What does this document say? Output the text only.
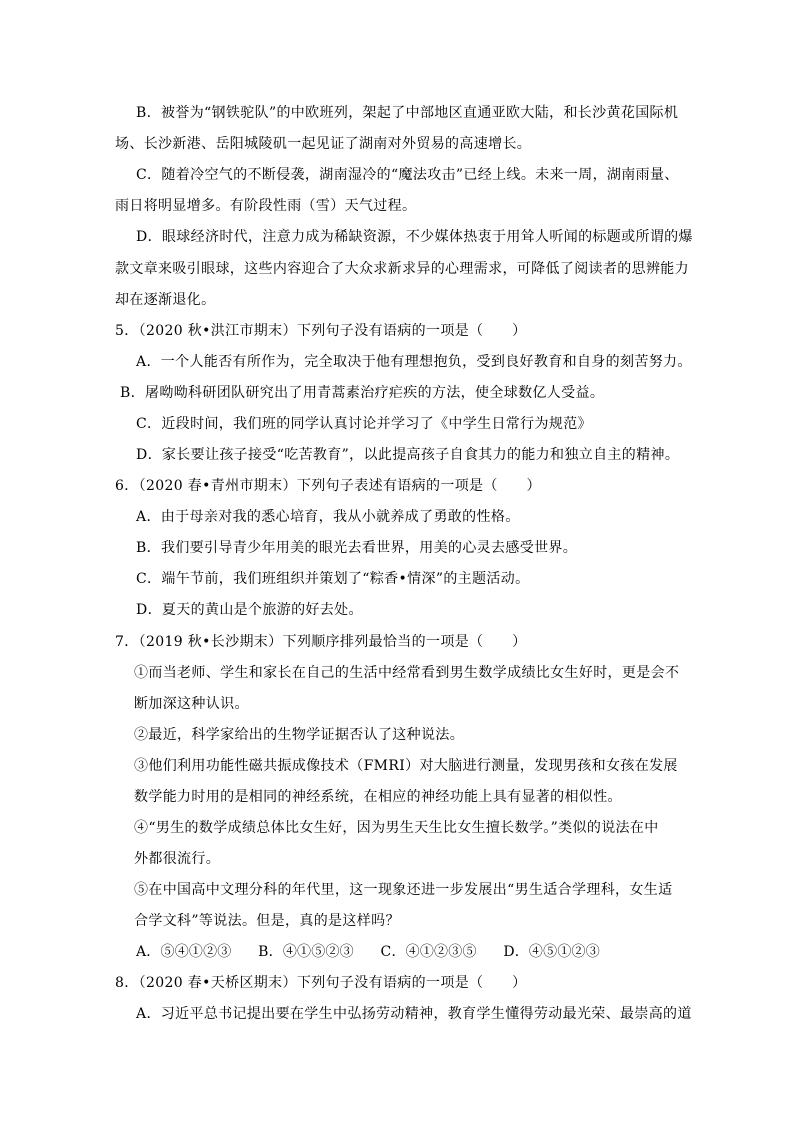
B．被誉为“钢铁驼队”的中欧班列，架起了中部地区直通亚欧大陆，和长沙黄花国际机
场、长沙新港、岳阳城陵矶一起见证了湖南对外贸易的高速增长。
C．随着冷空气的不断侵袭，湖南湿冷的“魔法攻击”已经上线。未来一周，湖南雨量、
雨日将明显增多。有阶段性雨（雪）天气过程。
D．眼球经济时代，注意力成为稀缺资源，不少媒体热衷于用耸人听闻的标题或所谓的爆
款文章来吸引眼球，这些内容迎合了大众求新求异的心理需求，可降低了阅读者的思辨能力
却在逐渐退化。
5．（2020 秋•洪江市期末）下列句子没有语病的一项是（　　）
A．一个人能否有所作为，完全取决于他有理想抱负，受到良好教育和自身的刻苦努力。
B．屠呦呦科研团队研究出了用青蒿素治疗疟疾的方法，使全球数亿人受益。
C．近段时间，我们班的同学认真讨论并学习了《中学生日常行为规范》
D．家长要让孩子接受“吃苦教育”，以此提高孩子自食其力的能力和独立自主的精神。
6．（2020 春•青州市期末）下列句子表述有语病的一项是（　　）
A．由于母亲对我的悉心培育，我从小就养成了勇敢的性格。
B．我们要引导青少年用美的眼光去看世界，用美的心灵去感受世界。
C．端午节前，我们班组织并策划了“粽香•情深”的主题活动。
D．夏天的黄山是个旅游的好去处。
7．（2019 秋•长沙期末）下列顺序排列最恰当的一项是（　　）
①而当老师、学生和家长在自己的生活中经常看到男生数学成绩比女生好时，更是会不
断加深这种认识。
②最近，科学家给出的生物学证据否认了这种说法。
③他们利用功能性磁共振成像技术（FMRI）对大脑进行测量，发现男孩和女孩在发展
数学能力时用的是相同的神经系统，在相应的神经功能上具有显著的相似性。
④“男生的数学成绩总体比女生好，因为男生天生比女生擅长数学。”类似的说法在中
外都很流行。
⑤在中国高中文理分科的年代里，这一现象还进一步发展出“男生适合学理科，女生适
合学文科”等说法。但是，真的是这样吗？
A．⑤④①②③ B．④①⑤②③ C．④①②③⑤ D．④⑤①②③
8．（2020 春•天桥区期末）下列句子没有语病的一项是（　　）
A．习近平总书记提出要在学生中弘扬劳动精神，教育学生懂得劳动最光荣、最崇高的道
